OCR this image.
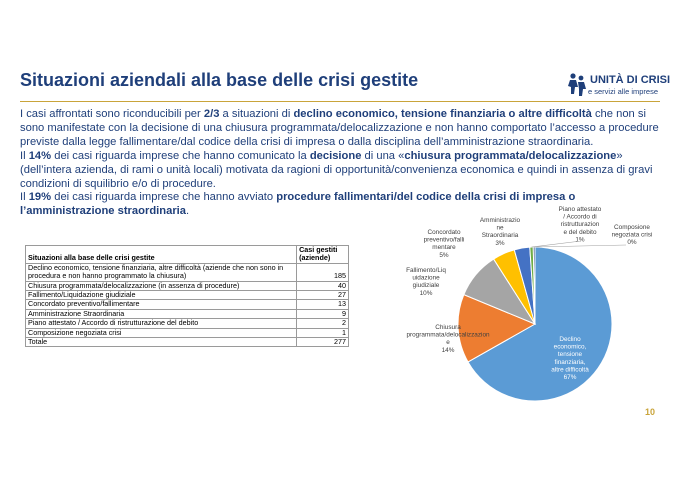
Situazioni aziendali alla base delle crisi gestite	UNITÀ DI CRISI
e servizi alle imprese

I casi affrontati sono riconducibili per 2/3 a situazioni di declino economico, tensione finanziaria o altre difficoltà che non si sono manifestate con la decisione di una chiusura programmata/delocalizzazione e non hanno comportato l’accesso a procedure previste dalla legge fallimentare/dal codice della crisi di impresa o dalla disciplina dell’amministrazione straordinaria.

Il 14% dei casi riguarda imprese che hanno comunicato la decisione di una «chiusura programmata/delocalizzazione» (dell’intera azienda, di rami o unità locali) motivata da ragioni di opportunità/convenienza economica e quindi in assenza di gravi condizioni di squilibrio e/o di procedure.

Il 19% dei casi riguarda imprese che hanno avviato procedure fallimentari/del codice della crisi di impresa o l’amministrazione straordinaria.

Situazioni alla base delle crisi gestite	Casi gestiti (aziende)
Declino economico, tensione finanziaria, altre difficoltà (aziende che non sono in procedura e non hanno programmato la chiusura)	185
Chiusura programmata/delocalizzazione (in assenza di procedure)	40
Fallimento/Liquidazione giudiziale	27
Concordato preventivo/fallimentare	13
Amministrazione Straordinaria	9
Piano attestato / Accordo di ristrutturazione del debito	2
Composizione negoziata crisi	1
Totale	277	Declino economico, tensione finanziaria, altre difficoltà 67%
Chiusura programmata/delocalizzazion e 14%
Fallimento/Liq uidazione giudiziale 10%
Concordato preventivo/falli mentare 5%
Amministrazio ne Straordinaria 3%
Piano attestato / Accordo di ristrutturazion e del debito 1%
Composione negoziata crisi 0%
10
